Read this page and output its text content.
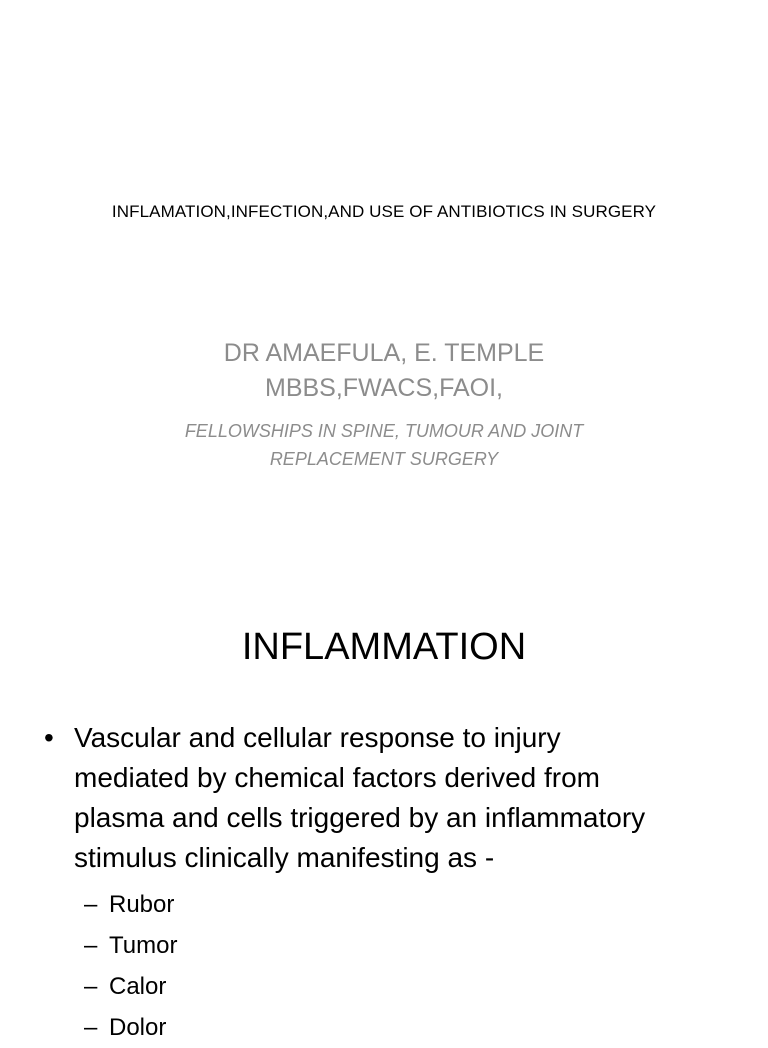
INFLAMATION,INFECTION,AND USE OF ANTIBIOTICS IN SURGERY
DR AMAEFULA, E. TEMPLE
MBBS,FWACS,FAOI,
FELLOWSHIPS IN SPINE, TUMOUR AND JOINT
REPLACEMENT SURGERY
INFLAMMATION
• Vascular and cellular response to injury
mediated by chemical factors derived from
plasma and cells triggered by an inflammatory
stimulus clinically manifesting as -
– Rubor
– Tumor
– Calor
– Dolor
